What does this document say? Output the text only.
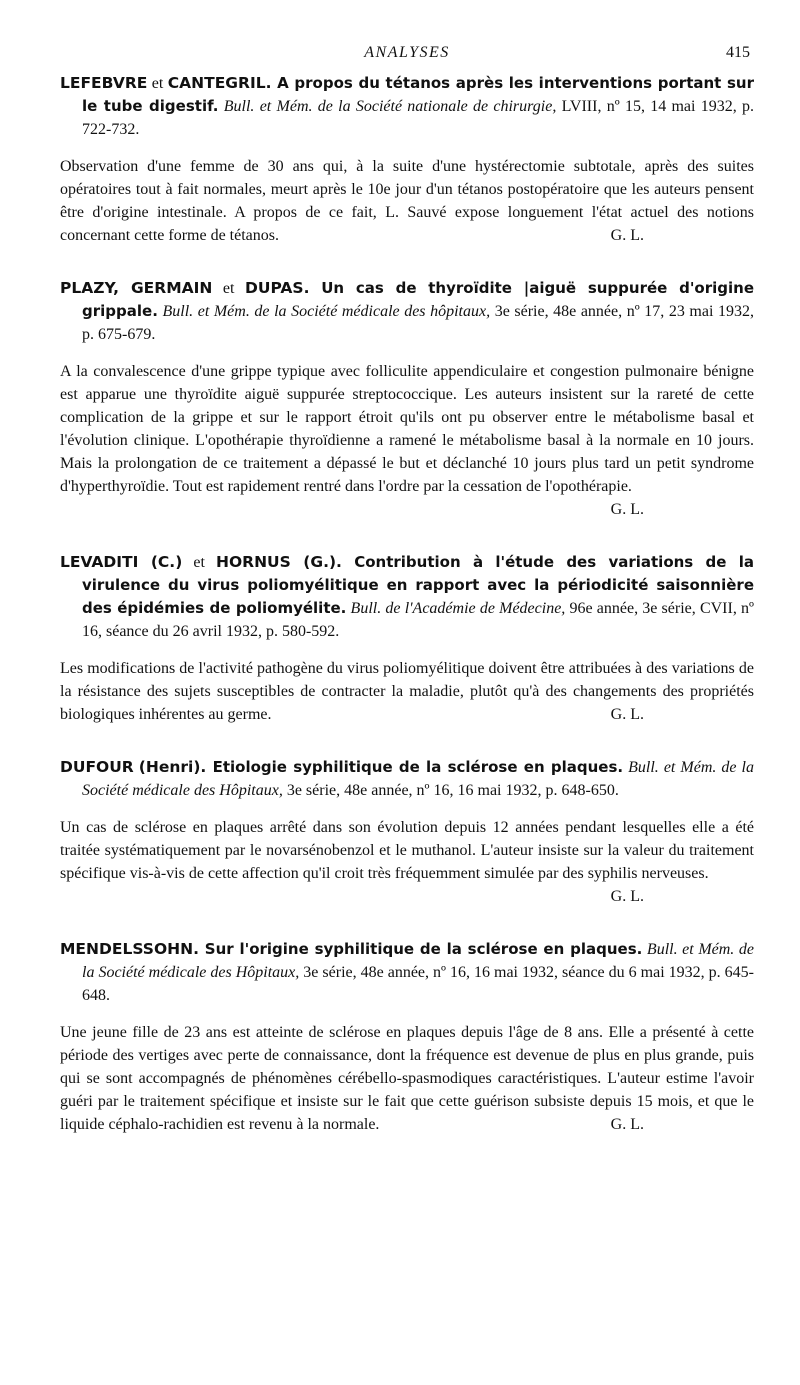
ANALYSES	415
LEFEBVRE et CANTEGRIL. A propos du tétanos après les interventions portant sur le tube digestif. Bull. et Mém. de la Société nationale de chirurgie, LVIII, nº 15, 14 mai 1932, p. 722-732.
Observation d'une femme de 30 ans qui, à la suite d'une hystérectomie subtotale, après des suites opératoires tout à fait normales, meurt après le 10e jour d'un tétanos postopératoire que les auteurs pensent être d'origine intestinale. A propos de ce fait, L. Sauvé expose longuement l'état actuel des notions concernant cette forme de tétanos.	G. L.
PLAZY, GERMAIN et DUPAS. Un cas de thyroïdite |aiguë suppurée d'origine grippale. Bull. et Mém. de la Société médicale des hôpitaux, 3e série, 48e année, nº 17, 23 mai 1932, p. 675-679.
A la convalescence d'une grippe typique avec folliculite appendiculaire et congestion pulmonaire bénigne est apparue une thyroïdite aiguë suppurée streptococcique. Les auteurs insistent sur la rareté de cette complication de la grippe et sur le rapport étroit qu'ils ont pu observer entre le métabolisme basal et l'évolution clinique. L'opothérapie thyroïdienne a ramené le métabolisme basal à la normale en 10 jours. Mais la prolongation de ce traitement a dépassé le but et déclanché 10 jours plus tard un petit syndrome d'hyperthyroïdie. Tout est rapidement rentré dans l'ordre par la cessation de l'opothérapie.
G. L.
LEVADITI (C.) et HORNUS (G.). Contribution à l'étude des variations de la virulence du virus poliomyélitique en rapport avec la périodicité saisonnière des épidémies de poliomyélite. Bull. de l'Académie de Médecine, 96e année, 3e série, CVII, nº 16, séance du 26 avril 1932, p. 580-592.
Les modifications de l'activité pathogène du virus poliomyélitique doivent être attribuées à des variations de la résistance des sujets susceptibles de contracter la maladie, plutôt qu'à des changements des propriétés biologiques inhérentes au germe.	G. L.
DUFOUR (Henri). Etiologie syphilitique de la sclérose en plaques. Bull. et Mém. de la Société médicale des Hôpitaux, 3e série, 48e année, nº 16, 16 mai 1932, p. 648-650.
Un cas de sclérose en plaques arrêté dans son évolution depuis 12 années pendant lesquelles elle a été traitée systématiquement par le novarsénobenzol et le muthanol. L'auteur insiste sur la valeur du traitement spécifique vis-à-vis de cette affection qu'il croit très fréquemment simulée par des syphilis nerveuses.
G. L.
MENDELSSOHN. Sur l'origine syphilitique de la sclérose en plaques. Bull. et Mém. de la Société médicale des Hôpitaux, 3e série, 48e année, nº 16, 16 mai 1932, séance du 6 mai 1932, p. 645-648.
Une jeune fille de 23 ans est atteinte de sclérose en plaques depuis l'âge de 8 ans. Elle a présenté à cette période des vertiges avec perte de connaissance, dont la fréquence est devenue de plus en plus grande, puis qui se sont accompagnés de phénomènes cérébello-spasmodiques caractéristiques. L'auteur estime l'avoir guéri par le traitement spécifique et insiste sur le fait que cette guérison subsiste depuis 15 mois, et que le liquide céphalo-rachidien est revenu à la normale.	G. L.
